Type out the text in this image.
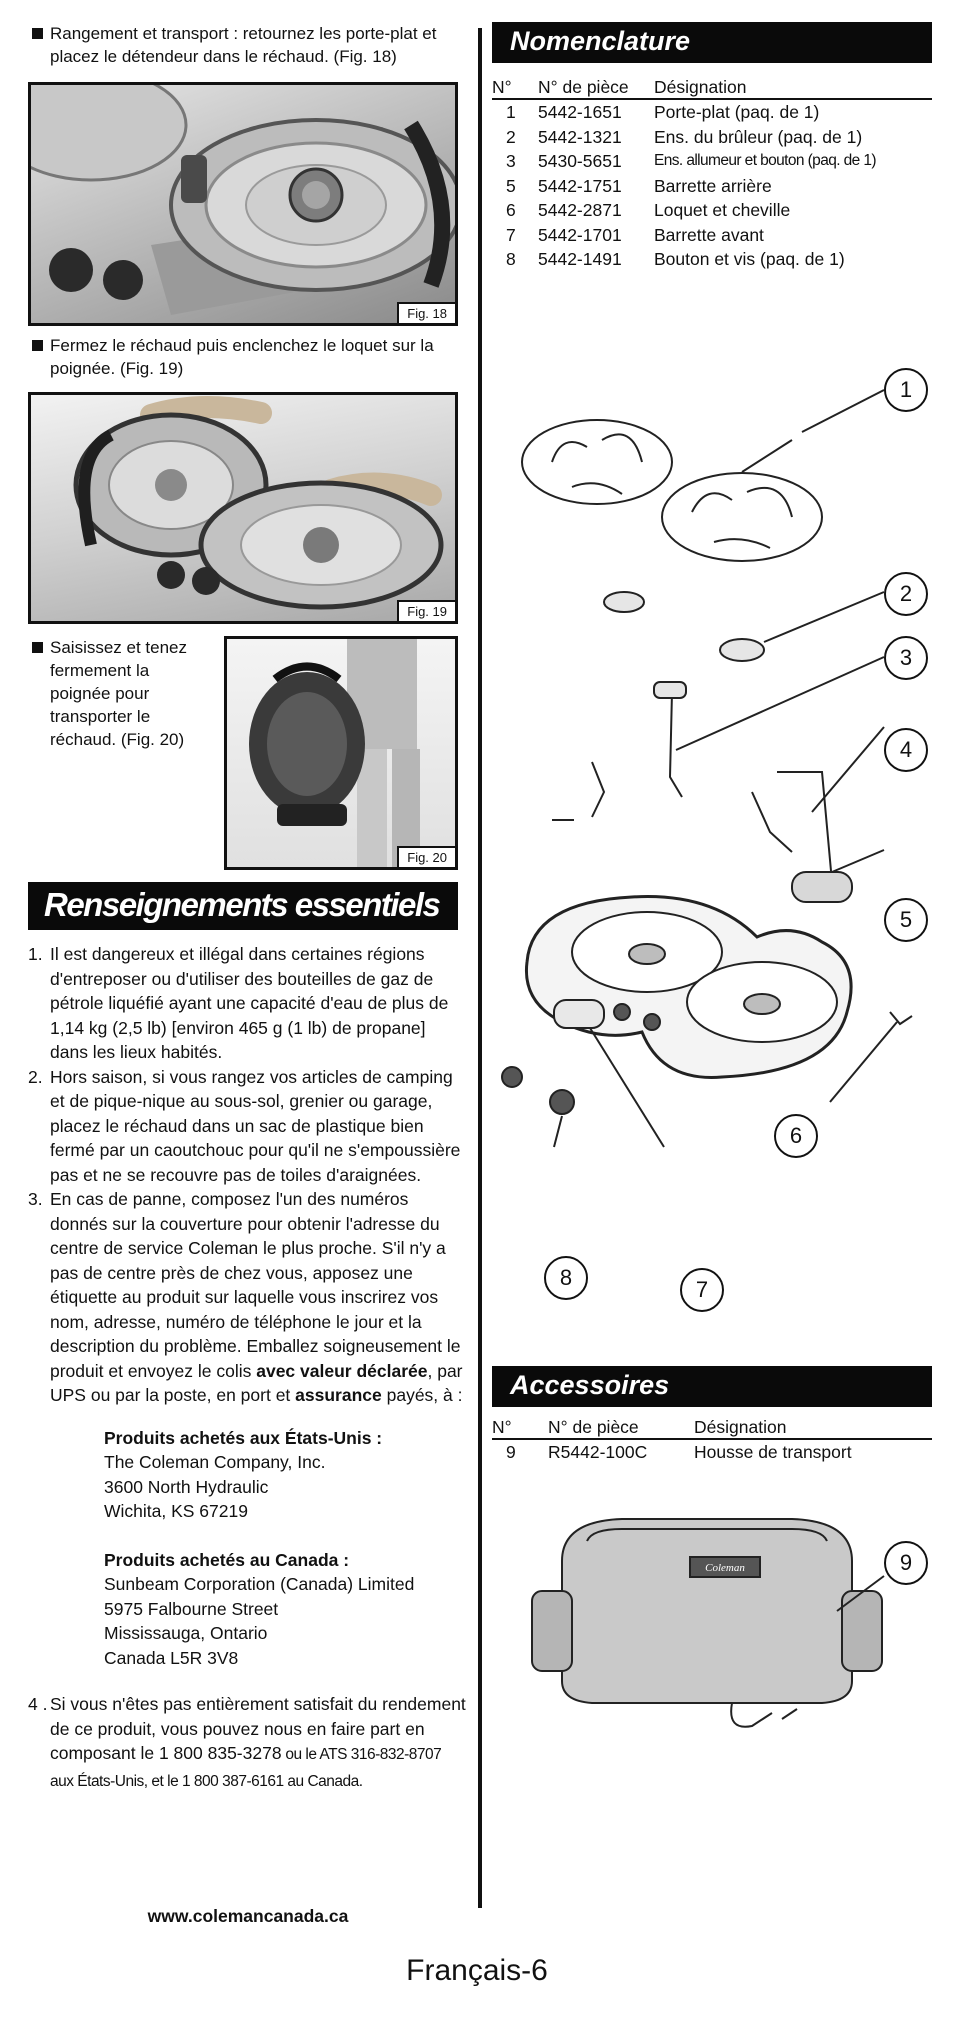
Rangement et transport : retournez les porte-plat et placez le détendeur dans le réchaud. (Fig. 18)
Fig. 18
Fermez le réchaud puis enclenchez le loquet sur la poignée. (Fig. 19)
Fig. 19
Saisissez et tenez fermement la poignée pour transporter le réchaud. (Fig. 20)
Fig. 20
Renseignements essentiels
1. Il est dangereux et illégal dans certaines régions d'entreposer ou d'utiliser des bouteilles de gaz de pétrole liquéfié ayant une capacité d'eau de plus de 1,14 kg (2,5 lb) [environ 465 g (1 lb) de propane] dans les lieux habités.
2. Hors saison, si vous rangez vos articles de camping et de pique-nique au sous-sol, grenier ou garage, placez le réchaud dans un sac de plastique bien fermé par un caoutchouc pour qu'il ne s'empoussière pas et ne se recouvre pas de toiles d'araignées.
3. En cas de panne, composez l'un des numéros donnés sur la couverture pour obtenir l'adresse du centre de service Coleman le plus proche. S'il n'y a pas de centre près de chez vous, apposez une étiquette au produit sur laquelle vous inscrirez vos nom, adresse, numéro de téléphone le jour et la description du problème. Emballez soigneusement le produit et envoyez le colis avec valeur déclarée, par UPS ou par la poste, en port et assurance payés, à :
Produits achetés aux États-Unis :
The Coleman Company, Inc.
3600 North Hydraulic
Wichita, KS 67219
Produits achetés au Canada :
Sunbeam Corporation (Canada) Limited
5975 Falbourne Street
Mississauga, Ontario
Canada L5R 3V8
4 . Si vous n'êtes pas entièrement satisfait du rendement de ce produit, vous pouvez nous en faire part en composant le 1 800 835-3278 ou le ATS 316-832-8707 aux États-Unis, et le 1 800 387-6161 au Canada.
www.colemancanada.ca
Nomenclature
N°	N° de pièce	Désignation
1	5442-1651	Porte-plat (paq. de 1)
2	5442-1321	Ens. du brûleur (paq. de 1)
3	5430-5651	Ens. allumeur et bouton (paq. de 1)
5	5442-1751	Barrette arrière
6	5442-2871	Loquet et cheville
7	5442-1701	Barrette avant
8	5442-1491	Bouton et vis (paq. de 1)
1
2
3
4
5
6
7
8
Accessoires
N°	N° de pièce	Désignation
9	R5442-100C	Housse de transport
Coleman	9
Français-6
